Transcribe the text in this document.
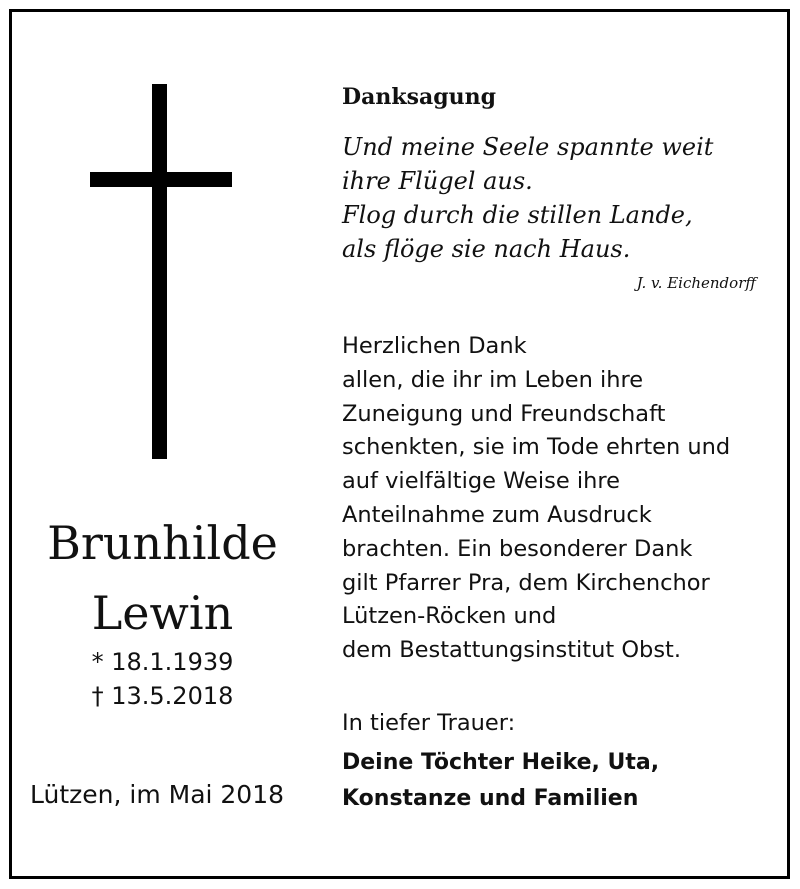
Brunhilde
Lewin
* 18.1.1939
† 13.5.2018
Lützen, im Mai 2018
Danksagung
Und meine Seele spannte weit
ihre Flügel aus.
Flog durch die stillen Lande,
als flöge sie nach Haus.
J. v. Eichendorff
Herzlichen Dank
allen, die ihr im Leben ihre
Zuneigung und Freundschaft
schenkten, sie im Tode ehrten und
auf vielfältige Weise ihre
Anteilnahme zum Ausdruck
brachten. Ein besonderer Dank
gilt Pfarrer Pra, dem Kirchenchor
Lützen-Röcken und
dem Bestattungsinstitut Obst.
In tiefer Trauer:
Deine Töchter Heike, Uta,
Konstanze und Familien
